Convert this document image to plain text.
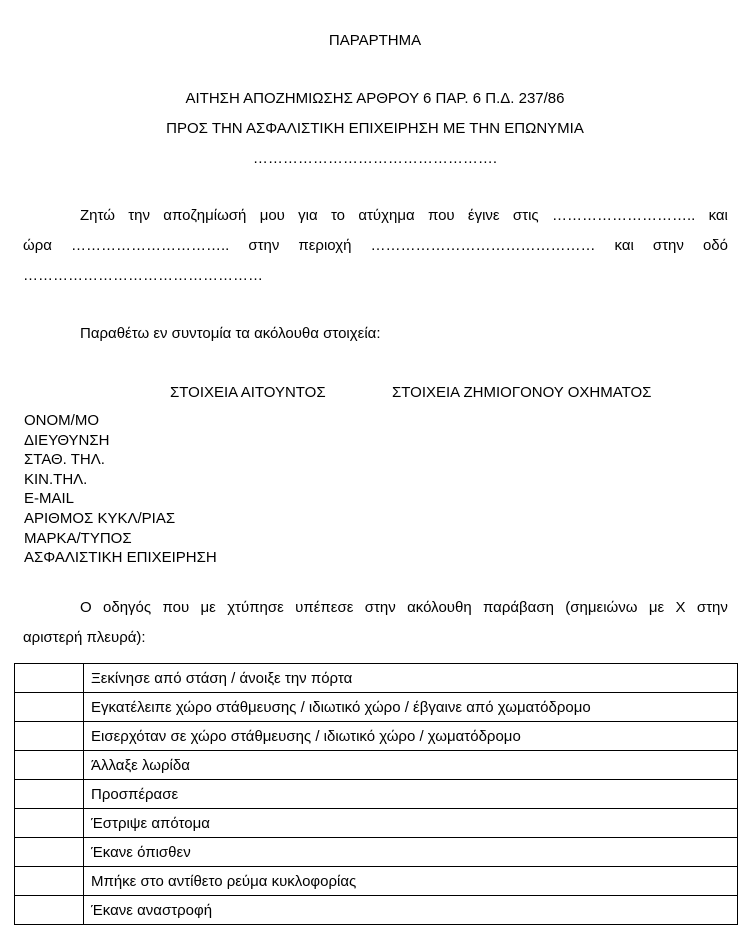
ΠΑΡΑΡΤΗΜΑ
ΑΙΤΗΣΗ ΑΠΟΖΗΜΙΩΣΗΣ ΑΡΘΡΟΥ 6 ΠΑΡ. 6 Π.Δ. 237/86
ΠΡΟΣ ΤΗΝ ΑΣΦΑΛΙΣΤΙΚΗ ΕΠΙΧΕΙΡΗΣΗ ΜΕ ΤΗΝ ΕΠΩΝΥΜΙΑ
………………………………………….
Ζητώ την αποζημίωσή μου για το ατύχημα που έγινε στις ……………………….. και
ώρα ………………………….. στην περιοχή ……………………………………… και στην οδό
…………………………………………
Παραθέτω εν συντομία τα ακόλουθα στοιχεία:
ΣΤΟΙΧΕΙΑ ΑΙΤΟΥΝΤΟΣ	ΣΤΟΙΧΕΙΑ ΖΗΜΙΟΓΟΝΟΥ ΟΧΗΜΑΤΟΣ
ΟΝΟΜ/ΜΟ
ΔΙΕΥΘΥΝΣΗ
ΣΤΑΘ. ΤΗΛ.
ΚΙΝ.ΤΗΛ.
E-MAIL
ΑΡΙΘΜΟΣ ΚΥΚΛ/ΡΙΑΣ
ΜΑΡΚΑ/ΤΥΠΟΣ
ΑΣΦΑΛΙΣΤΙΚΗ ΕΠΙΧΕΙΡΗΣΗ
Ο οδηγός που με χτύπησε υπέπεσε στην ακόλουθη παράβαση (σημειώνω με Χ στην
αριστερή πλευρά):
	Ξεκίνησε από στάση / άνοιξε την πόρτα
	Εγκατέλειπε χώρο στάθμευσης / ιδιωτικό χώρο / έβγαινε από χωματόδρομο
	Εισερχόταν σε χώρο στάθμευσης / ιδιωτικό χώρο / χωματόδρομο
	Άλλαξε λωρίδα
	Προσπέρασε
	Έστριψε απότομα
	Έκανε όπισθεν
	Μπήκε στο αντίθετο ρεύμα κυκλοφορίας
	Έκανε αναστροφή
